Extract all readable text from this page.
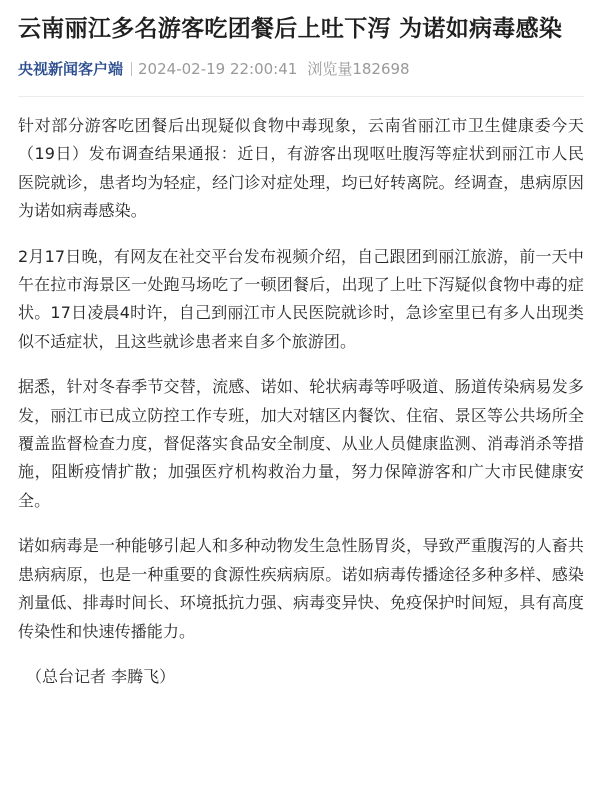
云南丽江多名游客吃团餐后上吐下泻 为诺如病毒感染
央视新闻客户端 2024-02-19 22:00:41 浏览量182698

针对部分游客吃团餐后出现疑似食物中毒现象，云南省丽江市卫生健康委今天（19日）发布调查结果通报：近日，有游客出现呕吐腹泻等症状到丽江市人民医院就诊，患者均为轻症，经门诊对症处理，均已好转离院。经调查，患病原因为诺如病毒感染。

2月17日晚，有网友在社交平台发布视频介绍，自己跟团到丽江旅游，前一天中午在拉市海景区一处跑马场吃了一顿团餐后，出现了上吐下泻疑似食物中毒的症状。17日凌晨4时许，自己到丽江市人民医院就诊时，急诊室里已有多人出现类似不适症状，且这些就诊患者来自多个旅游团。

据悉，针对冬春季节交替，流感、诺如、轮状病毒等呼吸道、肠道传染病易发多发，丽江市已成立防控工作专班，加大对辖区内餐饮、住宿、景区等公共场所全覆盖监督检查力度，督促落实食品安全制度、从业人员健康监测、消毒消杀等措施，阻断疫情扩散；加强医疗机构救治力量，努力保障游客和广大市民健康安全。

诺如病毒是一种能够引起人和多种动物发生急性肠胃炎，导致严重腹泻的人畜共患病病原，也是一种重要的食源性疾病病原。诺如病毒传播途径多种多样、感染剂量低、排毒时间长、环境抵抗力强、病毒变异快、免疫保护时间短，具有高度传染性和快速传播能力。

（总台记者 李腾飞）
